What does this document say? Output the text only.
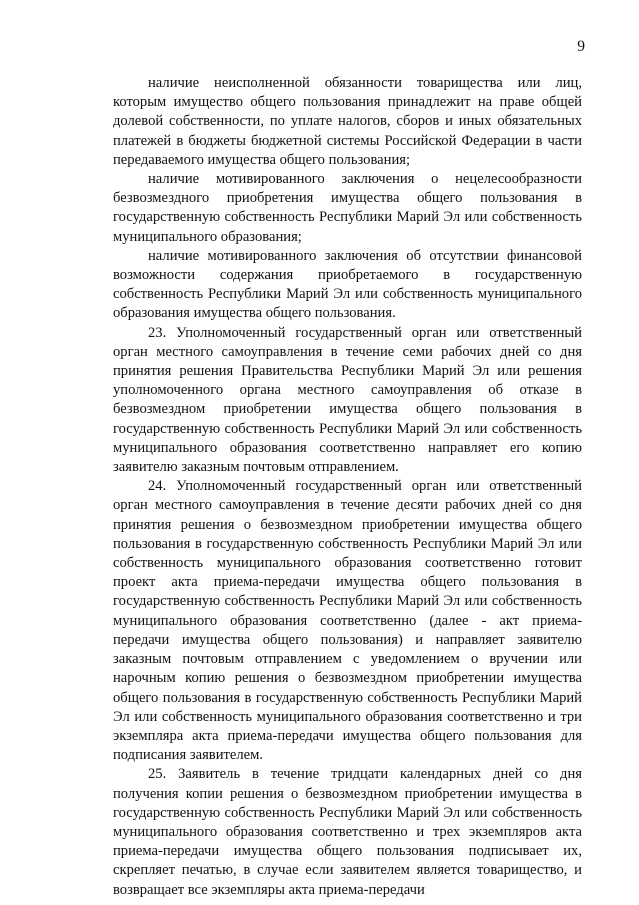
9

наличие неисполненной обязанности товарищества или лиц, которым имущество общего пользования принадлежит на праве общей долевой собственности, по уплате налогов, сборов и иных обязательных платежей в бюджеты бюджетной системы Российской Федерации в части передаваемого имущества общего пользования;

наличие мотивированного заключения о нецелесообразности безвозмездного приобретения имущества общего пользования в государственную собственность Республики Марий Эл или собственность муниципального образования;

наличие мотивированного заключения об отсутствии финансовой возможности содержания приобретаемого в государственную собственность Республики Марий Эл или собственность муниципального образования имущества общего пользования.

23. Уполномоченный государственный орган или ответственный орган местного самоуправления в течение семи рабочих дней со дня принятия решения Правительства Республики Марий Эл или решения уполномоченного органа местного самоуправления об отказе в безвозмездном приобретении имущества общего пользования в государственную собственность Республики Марий Эл или собственность муниципального образования соответственно направляет его копию заявителю заказным почтовым отправлением.

24. Уполномоченный государственный орган или ответственный орган местного самоуправления в течение десяти рабочих дней со дня принятия решения о безвозмездном приобретении имущества общего пользования в государственную собственность Республики Марий Эл или собственность муниципального образования соответственно готовит проект акта приема-передачи имущества общего пользования в государственную собственность Республики Марий Эл или собственность муниципального образования соответственно (далее - акт приема-передачи имущества общего пользования) и направляет заявителю заказным почтовым отправлением с уведомлением о вручении или нарочным копию решения о безвозмездном приобретении имущества общего пользования в государственную собственность Республики Марий Эл или собственность муниципального образования соответственно и три экземпляра акта приема-передачи имущества общего пользования для подписания заявителем.

25. Заявитель в течение тридцати календарных дней со дня получения копии решения о безвозмездном приобретении имущества в государственную собственность Республики Марий Эл или собственность муниципального образования соответственно и трех экземпляров акта приема-передачи имущества общего пользования подписывает их, скрепляет печатью, в случае если заявителем является товарищество, и возвращает все экземпляры акта приема-передачи
